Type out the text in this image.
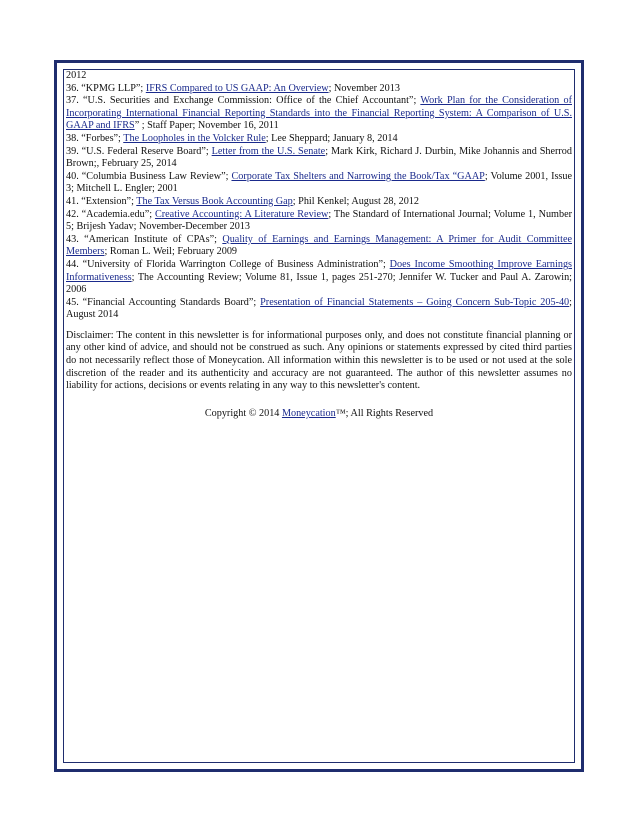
2012

36. “KPMG LLP”; IFRS Compared to US GAAP: An Overview; November 2013

37. “U.S. Securities and Exchange Commission: Office of the Chief Accountant”; Work Plan for the Consideration of Incorporating International Financial Reporting Standards into the Financial Reporting System: A Comparison of U.S. GAAP and IFRS” ; Staff Paper; November 16, 2011

38. “Forbes”; The Loopholes in the Volcker Rule; Lee Sheppard; January 8, 2014

39. “U.S. Federal Reserve Board”; Letter from the U.S. Senate; Mark Kirk, Richard J. Durbin, Mike Johannis and Sherrod Brown;, February 25, 2014

40. “Columbia Business Law Review”; Corporate Tax Shelters and Narrowing the Book/Tax “GAAP; Volume 2001, Issue 3; Mitchell L. Engler; 2001

41. “Extension”; The Tax Versus Book Accounting Gap; Phil Kenkel; August 28, 2012

42. “Academia.edu”; Creative Accounting: A Literature Review; The Standard of International Journal; Volume 1, Number 5; Brijesh Yadav; November-December 2013

43. “American Institute of CPAs”; Quality of Earnings and Earnings Management: A Primer for Audit Committee Members; Roman L. Weil; February 2009

44. “University of Florida Warrington College of Business Administration”; Does Income Smoothing Improve Earnings Informativeness; The Accounting Review; Volume 81, Issue 1, pages 251-270; Jennifer W. Tucker and Paul A. Zarowin; 2006

45. “Financial Accounting Standards Board”; Presentation of Financial Statements – Going Concern Sub-Topic 205-40; August 2014

Disclaimer: The content in this newsletter is for informational purposes only, and does not constitute financial planning or any other kind of advice, and should not be construed as such. Any opinions or statements expressed by cited third parties do not necessarily reflect those of Moneycation. All information within this newsletter is to be used or not used at the sole discretion of the reader and its authenticity and accuracy are not guaranteed. The author of this newsletter assumes no liability for actions, decisions or events relating in any way to this newsletter's content.

Copyright © 2014 Moneycation™; All Rights Reserved
